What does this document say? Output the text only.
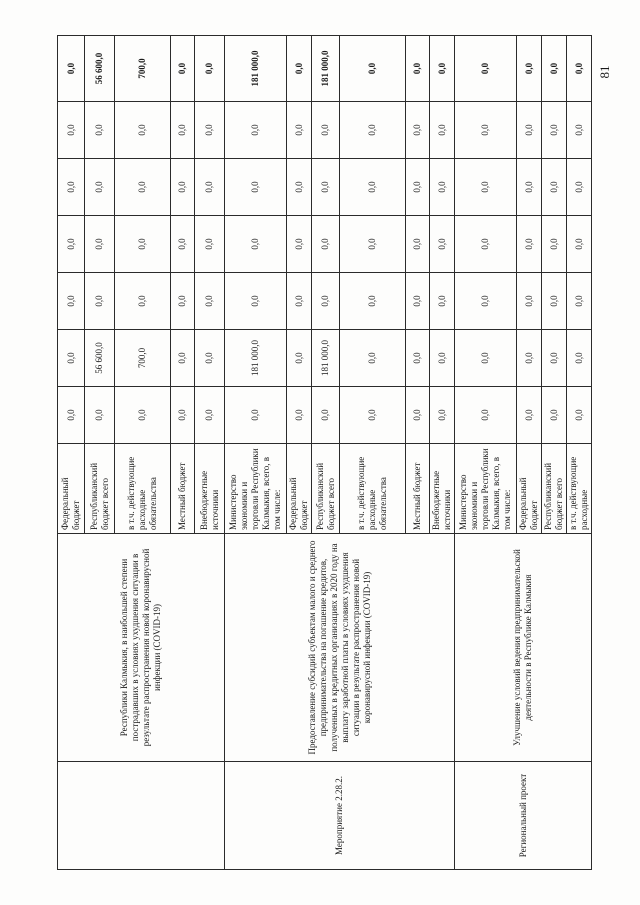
	Республики Калмыкия, в наибольшей степени пострадавших в условиях ухудшения ситуации в результате распространения новой коронавирусной инфекции (COVID-19)	Федеральный бюджет	0,0	0,0	0,0	0,0	0,0	0,0	0,0
		Республиканский бюджет всего	0,0	56 600,0	0,0	0,0	0,0	0,0	56 600,0
		в т.ч. действующие расходные обязательства	0,0	700,0	0,0	0,0	0,0	0,0	700,0
		Местный бюджет	0,0	0,0	0,0	0,0	0,0	0,0	0,0
		Внебюджетные источники	0,0	0,0	0,0	0,0	0,0	0,0	0,0
Мероприятие 2.28.2.	Предоставление субсидий субъектам малого и среднего предпринимательства на погашение кредитов, полученных в кредитных организациях в 2020 году на выплату заработной платы в условиях ухудшения ситуации в результате распространения новой коронавирусной инфекции (COVID-19)	Министерство экономики и торговли Республики Калмыкия, всего, в том числе:	0,0	181 000,0	0,0	0,0	0,0	0,0	181 000,0
		Федеральный бюджет	0,0	0,0	0,0	0,0	0,0	0,0	0,0
		Республиканский бюджет всего	0,0	181 000,0	0,0	0,0	0,0	0,0	181 000,0
		в т.ч. действующие расходные обязательства	0,0	0,0	0,0	0,0	0,0	0,0	0,0
		Местный бюджет	0,0	0,0	0,0	0,0	0,0	0,0	0,0
		Внебюджетные источники	0,0	0,0	0,0	0,0	0,0	0,0	0,0
Региональный проект	Улучшение условий ведения предпринимательской деятельности в Республике Калмыкия	Министерство экономики и торговли Республики Калмыкия, всего, в том числе:	0,0	0,0	0,0	0,0	0,0	0,0	0,0
		Федеральный бюджет	0,0	0,0	0,0	0,0	0,0	0,0	0,0
		Республиканский бюджет всего	0,0	0,0	0,0	0,0	0,0	0,0	0,0
		в т.ч. действующие расходные	0,0	0,0	0,0	0,0	0,0	0,0	0,0 81
